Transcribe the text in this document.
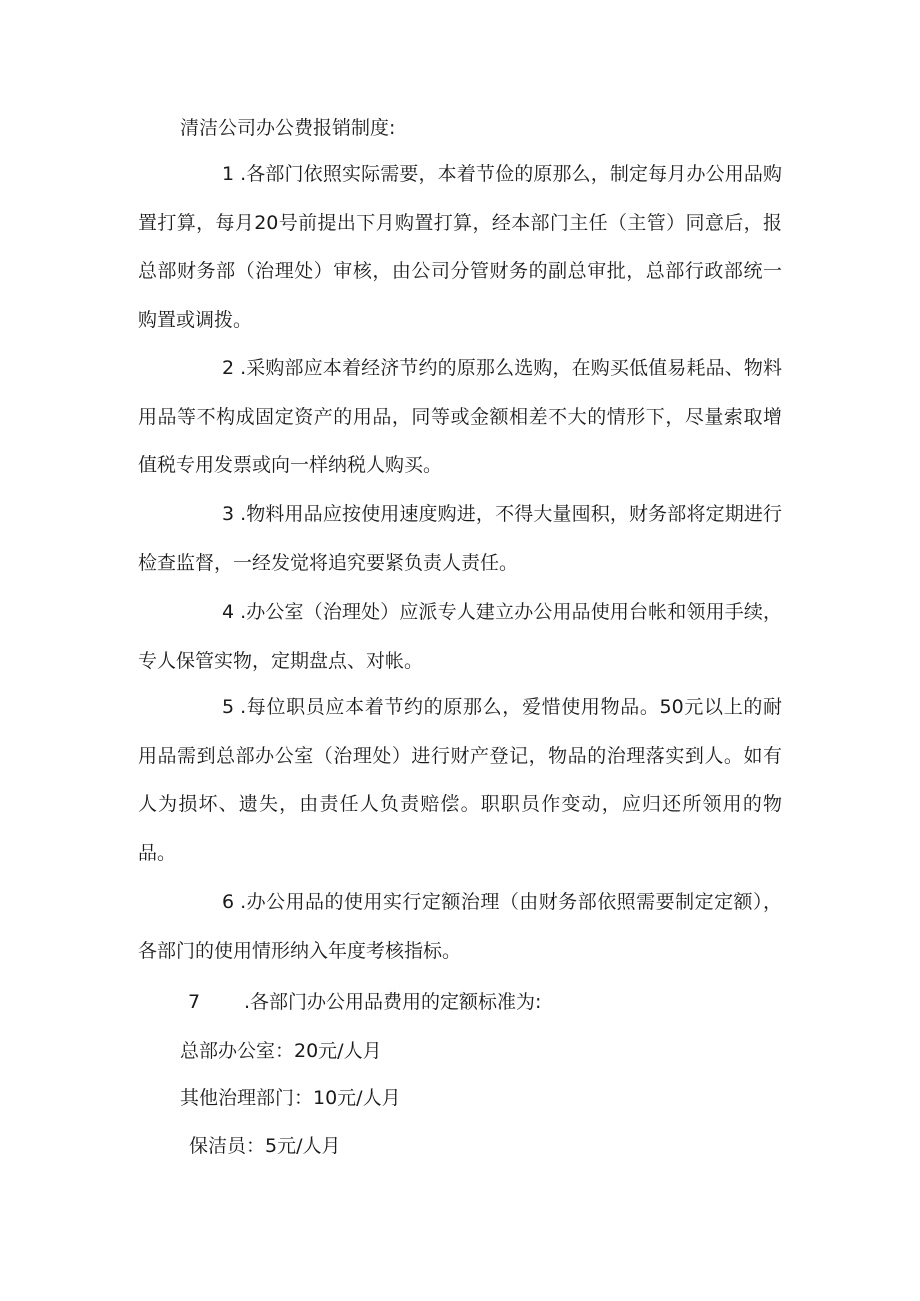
清洁公司办公费报销制度:

1 .各部门依照实际需要，本着节俭的原那么，制定每月办公用品购置打算，每月20号前提出下月购置打算，经本部门主任（主管）同意后，报总部财务部（治理处）审核，由公司分管财务的副总审批，总部行政部统一购置或调拨。

2 .采购部应本着经济节约的原那么选购，在购买低值易耗品、物料用品等不构成固定资产的用品，同等或金额相差不大的情形下，尽量索取增值税专用发票或向一样纳税人购买。

3 .物料用品应按使用速度购进，不得大量囤积，财务部将定期进行检查监督，一经发觉将追究要紧负责人责任。

4 .办公室（治理处）应派专人建立办公用品使用台帐和领用手续，专人保管实物，定期盘点、对帐。

5 .每位职员应本着节约的原那么，爱惜使用物品。50元以上的耐用品需到总部办公室（治理处）进行财产登记，物品的治理落实到人。如有人为损坏、遗失，由责任人负责赔偿。职职员作变动，应归还所领用的物品。

6 .办公用品的使用实行定额治理（由财务部依照需要制定定额），各部门的使用情形纳入年度考核指标。

7 .各部门办公用品费用的定额标准为:
总部办公室：20元/人月
其他治理部门：10元/人月
保洁员：5元/人月
